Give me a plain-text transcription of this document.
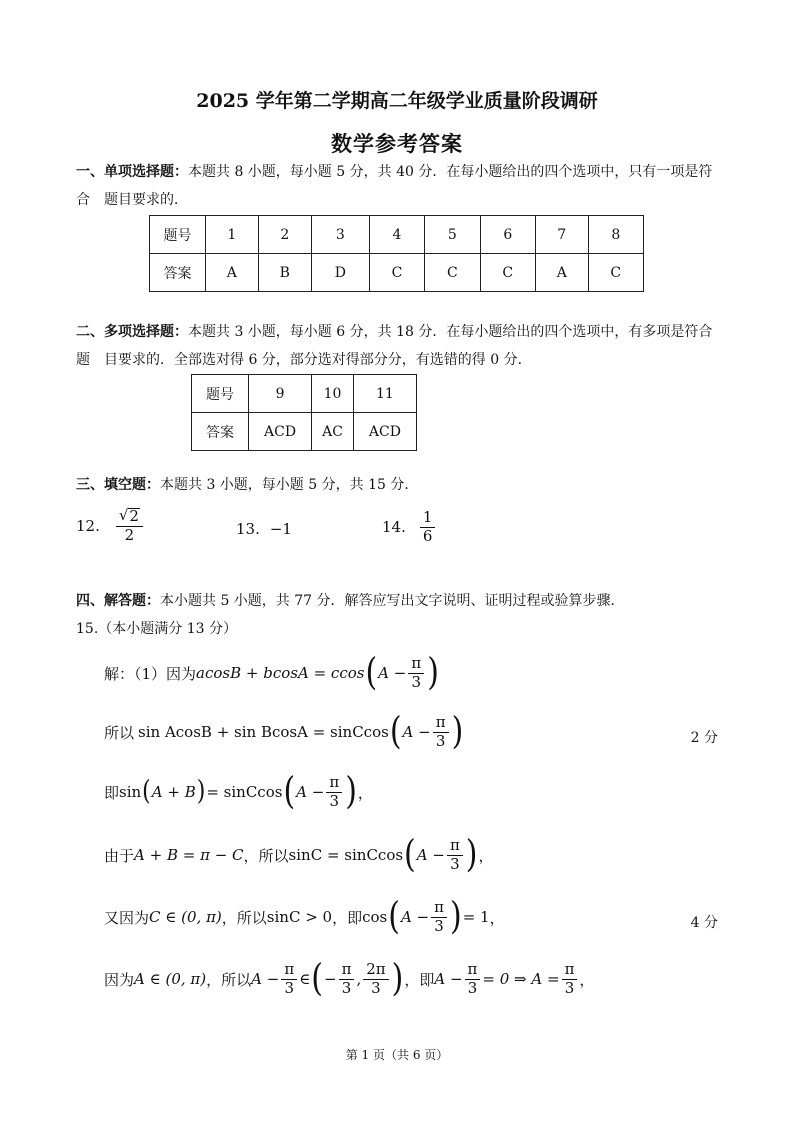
2025 学年第二学期高二年级学业质量阶段调研
数学参考答案
一、单项选择题：本题共 8 小题，每小题 5 分，共 40 分．在每小题给出的四个选项中，只有一项是符合	题目要求的．
题号	1	2	3	4	5	6	7	8
答案	A	B	D	C	C	C	A	C
二、多项选择题：本题共 3 小题，每小题 6 分，共 18 分．在每小题给出的四个选项中，有多项是符合题	目要求的．全部选对得 6 分，部分选对得部分分，有选错的得 0 分．
题号	9	10	11
答案	ACD	AC	ACD
三、填空题：本题共 3 小题，每小题 5 分，共 15 分．
12. $\frac{√ 2}{2}$	13. −1	14. $\frac{1}{6}$
四、解答题：本小题共 5 小题，共 77 分．解答应写出文字说明、证明过程或验算步骤．
15.（本小题满分 13 分）
解：（1）因为 acosB + bcosA = ccos ( $A - \frac{\pi}{3}$ )
所以 sin AcosB + sin BcosA = sinCcos ( $A - \frac{\pi}{3}$ )	2 分
即 sin ( A + B ) = sinCcos ( $A - \frac{\pi}{3}$ ) ，
由于 A + B = π − C ，所以 sinC = sinCcos ( $A - \frac{\pi}{3}$ ) ，
又因为 C ∈ (0, π) ，所以 sinC > 0 ，即 cos ( $A - \frac{\pi}{3}$ ) = 1 ，	4 分
因为 A ∈ (0, π) ，所以 $A - \frac{\pi}{3}$ ∈ ( − $\frac{\pi}{3}$ , $\frac{2\pi}{3}$ ) ，即 $A - \frac{\pi}{3} = 0$ ⇒ $A = \frac{\pi}{3}$ ，
第 1 页（共 6 页）
